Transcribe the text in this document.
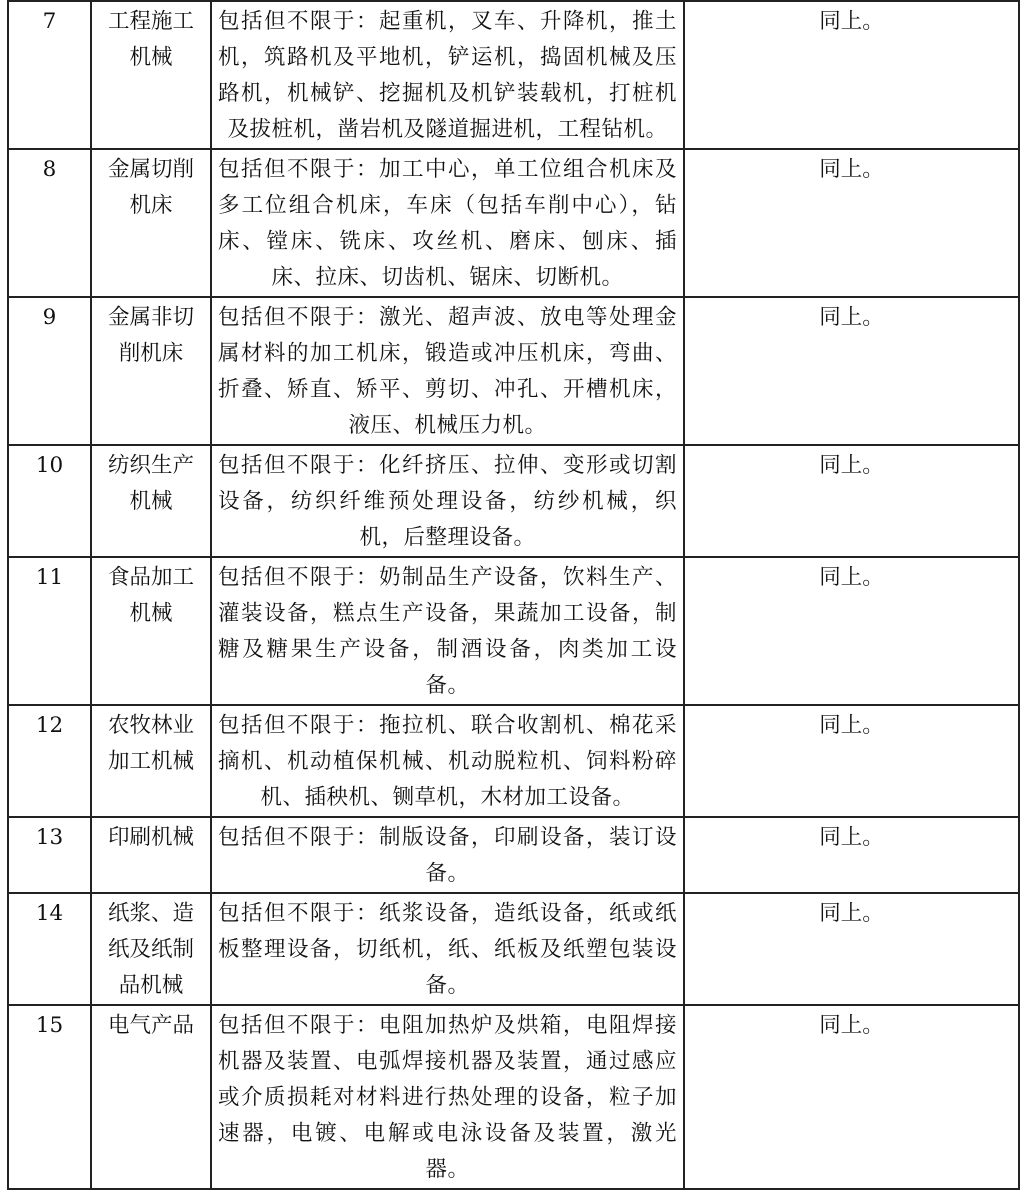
7	工程施工机械	包括但不限于：起重机，叉车、升降机，推土机，筑路机及平地机，铲运机，捣固机械及压路机，机械铲、挖掘机及机铲装载机，打桩机及拔桩机，凿岩机及隧道掘进机，工程钻机。	同上。
8	金属切削机床	包括但不限于：加工中心，单工位组合机床及多工位组合机床，车床（包括车削中心），钻床、镗床、铣床、攻丝机、磨床、刨床、插床、拉床、切齿机、锯床、切断机。	同上。
9	金属非切削机床	包括但不限于：激光、超声波、放电等处理金属材料的加工机床，锻造或冲压机床，弯曲、折叠、矫直、矫平、剪切、冲孔、开槽机床，液压、机械压力机。	同上。
10	纺织生产机械	包括但不限于：化纤挤压、拉伸、变形或切割设备，纺织纤维预处理设备，纺纱机械，织机，后整理设备。	同上。
11	食品加工机械	包括但不限于：奶制品生产设备，饮料生产、灌装设备，糕点生产设备，果蔬加工设备，制糖及糖果生产设备，制酒设备，肉类加工设备。	同上。
12	农牧林业加工机械	包括但不限于：拖拉机、联合收割机、棉花采摘机、机动植保机械、机动脱粒机、饲料粉碎机、插秧机、铡草机，木材加工设备。	同上。
13	印刷机械	包括但不限于：制版设备，印刷设备，装订设备。	同上。
14	纸浆、造纸及纸制品机械	包括但不限于：纸浆设备，造纸设备，纸或纸板整理设备，切纸机，纸、纸板及纸塑包装设备。	同上。
15	电气产品	包括但不限于：电阻加热炉及烘箱，电阻焊接机器及装置、电弧焊接机器及装置，通过感应或介质损耗对材料进行热处理的设备，粒子加速器，电镀、电解或电泳设备及装置，激光器。	同上。
